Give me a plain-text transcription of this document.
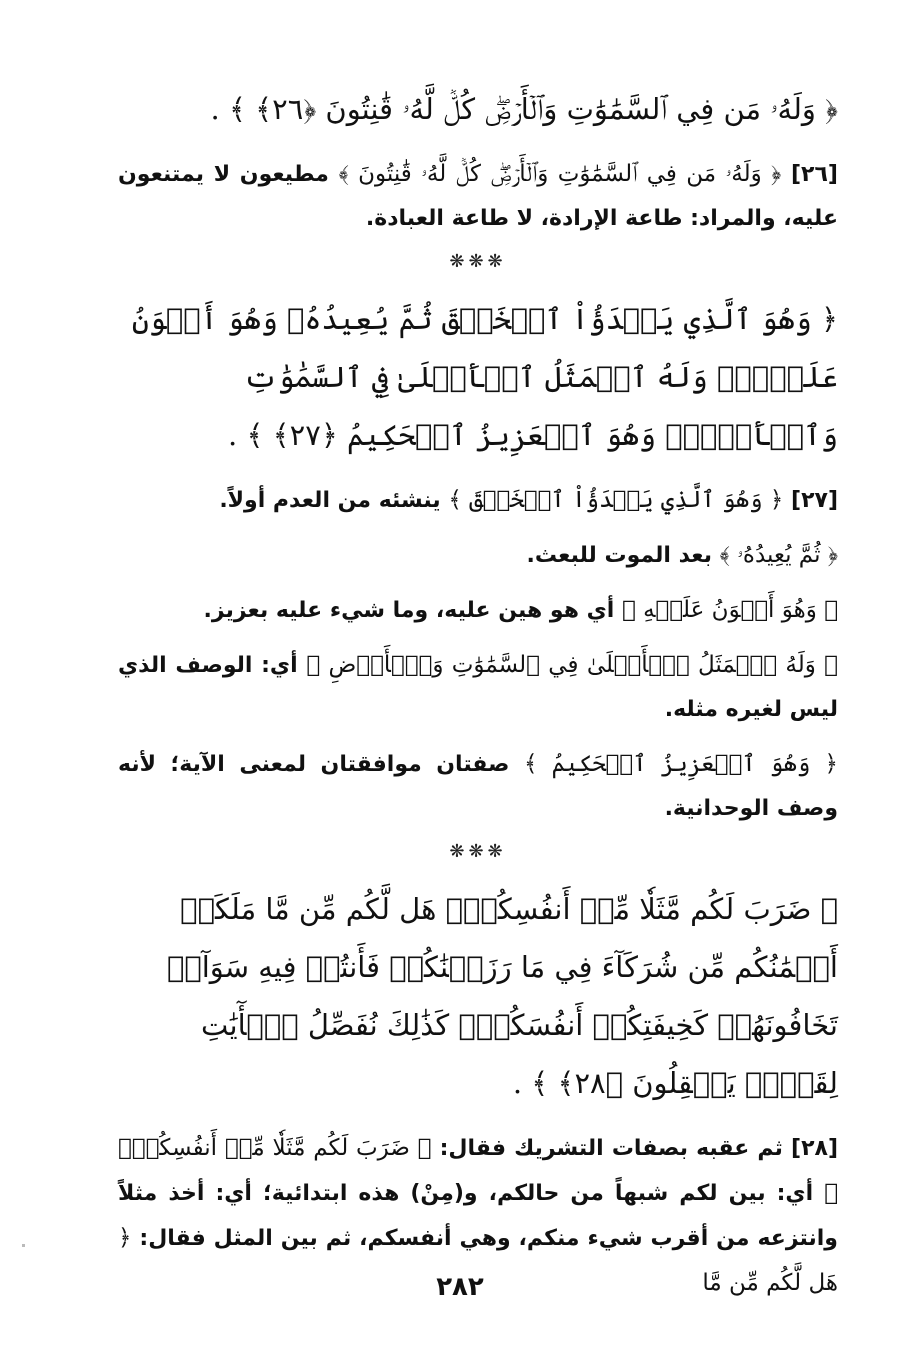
﴿ وَلَهُۥ مَن فِي ٱلسَّمَٰوَٰتِ وَٱلۡأَرۡضِۖ كُلّٞ لَّهُۥ قَٰنِتُونَ ﴿٢٦﴾ ﴾ .

[٢٦] ﴿ وَلَهُۥ مَن فِي ٱلسَّمَٰوَٰتِ وَٱلۡأَرۡضِۖ كُلّٞ لَّهُۥ قَٰنِتُونَ ﴾ مطيعون لا يمتنعون عليه، والمراد: طاعة الإرادة، لا طاعة العبادة.

❋❋❋

﴿ وَهُوَ ٱلَّذِي يَبۡدَؤُاْ ٱلۡخَلۡقَ ثُمَّ يُعِيدُهُۥ وَهُوَ أَهۡوَنُ عَلَيۡهِۚ وَلَهُ ٱلۡمَثَلُ ٱلۡأَعۡلَىٰ فِي ٱلسَّمَٰوَٰتِ وَٱلۡأَرۡضِۚ وَهُوَ ٱلۡعَزِيزُ ٱلۡحَكِيمُ ﴿٢٧﴾ ﴾ .

[٢٧] ﴿ وَهُوَ ٱلَّذِي يَبۡدَؤُاْ ٱلۡخَلۡقَ ﴾ ينشئه من العدم أولاً.

﴿ ثُمَّ يُعِيدُهُۥ ﴾ بعد الموت للبعث.

﴿ وَهُوَ أَهۡوَنُ عَلَيۡهِ ﴾ أي هو هين عليه، وما شيء عليه بعزيز.

﴿ وَلَهُ ٱلۡمَثَلُ ٱلۡأَعۡلَىٰ فِي ٱلسَّمَٰوَٰتِ وَٱلۡأَرۡضِ ﴾ أي: الوصف الذي ليس لغيره مثله.

﴿ وَهُوَ ٱلۡعَزِيزُ ٱلۡحَكِيمُ ﴾ صفتان موافقتان لمعنى الآية؛ لأنه وصف الوحدانية.

❋❋❋

﴿ ضَرَبَ لَكُم مَّثَلٗا مِّنۡ أَنفُسِكُمۡۖ هَل لَّكُم مِّن مَّا مَلَكَتۡ أَيۡمَٰنُكُم مِّن شُرَكَآءَ فِي مَا رَزَقۡنَٰكُمۡ فَأَنتُمۡ فِيهِ سَوَآءٞ تَخَافُونَهُمۡ كَخِيفَتِكُمۡ أَنفُسَكُمۡۚ كَذَٰلِكَ نُفَصِّلُ ٱلۡأٓيَٰتِ لِقَوۡمٖ يَعۡقِلُونَ ﴿٢٨﴾ ﴾ .

[٢٨] ثم عقبه بصفات التشريك فقال: ﴿ ضَرَبَ لَكُم مَّثَلٗا مِّنۡ أَنفُسِكُمۡۖ ﴾ أي: بين لكم شبهاً من حالكم، و(مِنْ) هذه ابتدائية؛ أي: أخذ مثلاً وانتزعه من أقرب شيء منكم، وهي أنفسكم، ثم بين المثل فقال: ﴿ هَل لَّكُم مِّن مَّا

٢٨٢
